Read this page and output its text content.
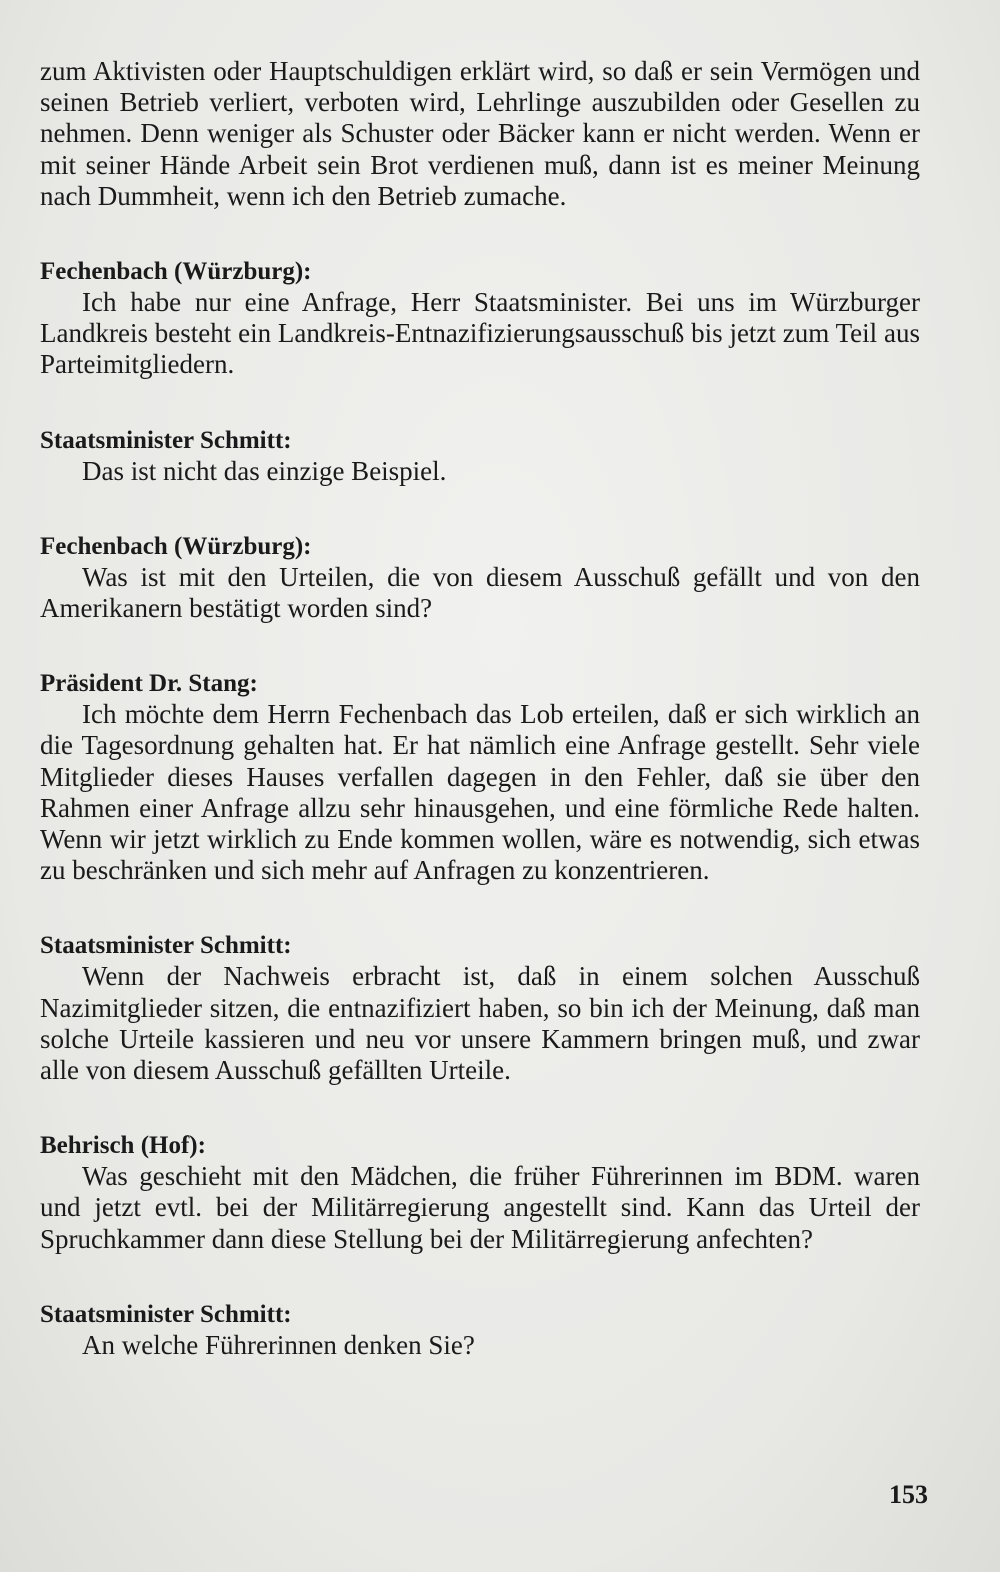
zum Aktivisten oder Hauptschuldigen erklärt wird, so daß er sein Vermögen und seinen Betrieb verliert, verboten wird, Lehrlinge auszubilden oder Gesellen zu nehmen. Denn weniger als Schuster oder Bäcker kann er nicht werden. Wenn er mit seiner Hände Arbeit sein Brot verdienen muß, dann ist es meiner Meinung nach Dummheit, wenn ich den Betrieb zumache.

Fechenbach (Würzburg):

Ich habe nur eine Anfrage, Herr Staatsminister. Bei uns im Würzburger Landkreis besteht ein Landkreis-Entnazifizierungsausschuß bis jetzt zum Teil aus Parteimitgliedern.

Staatsminister Schmitt:

Das ist nicht das einzige Beispiel.

Fechenbach (Würzburg):

Was ist mit den Urteilen, die von diesem Ausschuß gefällt und von den Amerikanern bestätigt worden sind?

Präsident Dr. Stang:

Ich möchte dem Herrn Fechenbach das Lob erteilen, daß er sich wirklich an die Tagesordnung gehalten hat. Er hat nämlich eine Anfrage gestellt. Sehr viele Mitglieder dieses Hauses verfallen dagegen in den Fehler, daß sie über den Rahmen einer Anfrage allzu sehr hinausgehen, und eine förmliche Rede halten. Wenn wir jetzt wirklich zu Ende kommen wollen, wäre es notwendig, sich etwas zu beschränken und sich mehr auf Anfragen zu konzentrieren.

Staatsminister Schmitt:

Wenn der Nachweis erbracht ist, daß in einem solchen Ausschuß Nazimitglieder sitzen, die entnazifiziert haben, so bin ich der Meinung, daß man solche Urteile kassieren und neu vor unsere Kammern bringen muß, und zwar alle von diesem Ausschuß gefällten Urteile.

Behrisch (Hof):

Was geschieht mit den Mädchen, die früher Führerinnen im BDM. waren und jetzt evtl. bei der Militärregierung angestellt sind. Kann das Urteil der Spruchkammer dann diese Stellung bei der Militärregierung anfechten?

Staatsminister Schmitt:

An welche Führerinnen denken Sie?

153
